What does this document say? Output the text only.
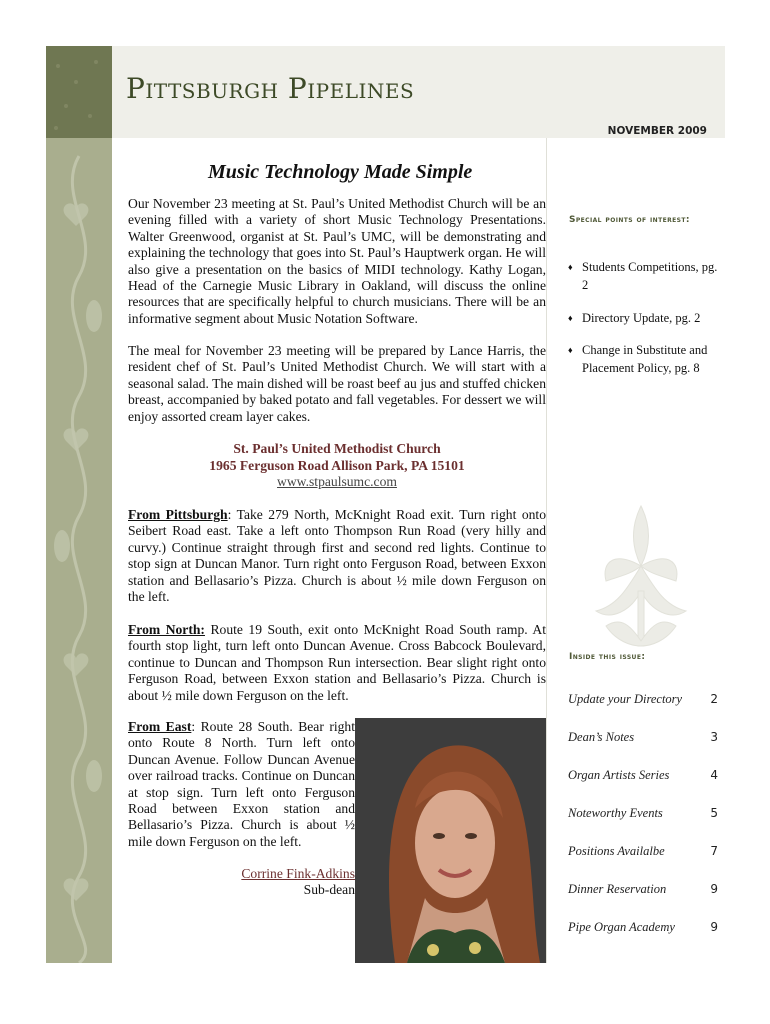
Pittsburgh Pipelines
NOVEMBER 2009
Music Technology Made Simple
Our November 23 meeting at St. Paul’s United Methodist Church will be an evening filled with a variety of short Music Technology Presentations. Walter Greenwood, organist at St. Paul’s UMC, will be demonstrating and explaining the technology that goes into St. Paul’s Hauptwerk organ. He will also give a presentation on the basics of MIDI technology. Kathy Logan, Head of the Carnegie Music Library in Oakland, will discuss the online resources that are specifically helpful to church musicians. There will be an informative segment about Music Notation Software.
The meal for November 23 meeting will be prepared by Lance Harris, the resident chef of St. Paul’s United Methodist Church. We will start with a seasonal salad. The main dished will be roast beef au jus and stuffed chicken breast, accompanied by baked potato and fall vegetables. For dessert we will enjoy assorted cream layer cakes.
St. Paul’s United Methodist Church
1965 Ferguson Road Allison Park, PA 15101
www.stpaulsumc.com
From Pittsburgh: Take 279 North, McKnight Road exit. Turn right onto Seibert Road east. Take a left onto Thompson Run Road (very hilly and curvy.) Continue straight through first and second red lights. Continue to stop sign at Duncan Manor. Turn right onto Ferguson Road, between Exxon station and Bellasario’s Pizza. Church is about ½ mile down Ferguson on the left.
From North: Route 19 South, exit onto McKnight Road South ramp. At fourth stop light, turn left onto Duncan Avenue. Cross Babcock Boulevard, continue to Duncan and Thompson Run intersection. Bear slight right onto Ferguson Road, between Exxon station and Bellasario’s Pizza. Church is about ½ mile down Ferguson on the left.
From East: Route 28 South. Bear right onto Route 8 North. Turn left onto Duncan Avenue. Follow Duncan Avenue over railroad tracks. Continue on Duncan at stop sign. Turn left onto Ferguson Road between Exxon station and Bellasario’s Pizza. Church is about ½ mile down Ferguson on the left.
Corrine Fink-Adkins
Sub-dean
Special points of interest:
♦ Students Competitions, pg. 2
♦ Directory Update, pg. 2
♦ Change in Substitute and Placement Policy, pg. 8
Inside this issue:
Update your Directory 2
Dean’s Notes	3
Organ Artists Series	4
Noteworthy Events	5
Positions Availalbe	7
Dinner Reservation	9
Pipe Organ Academy	9
